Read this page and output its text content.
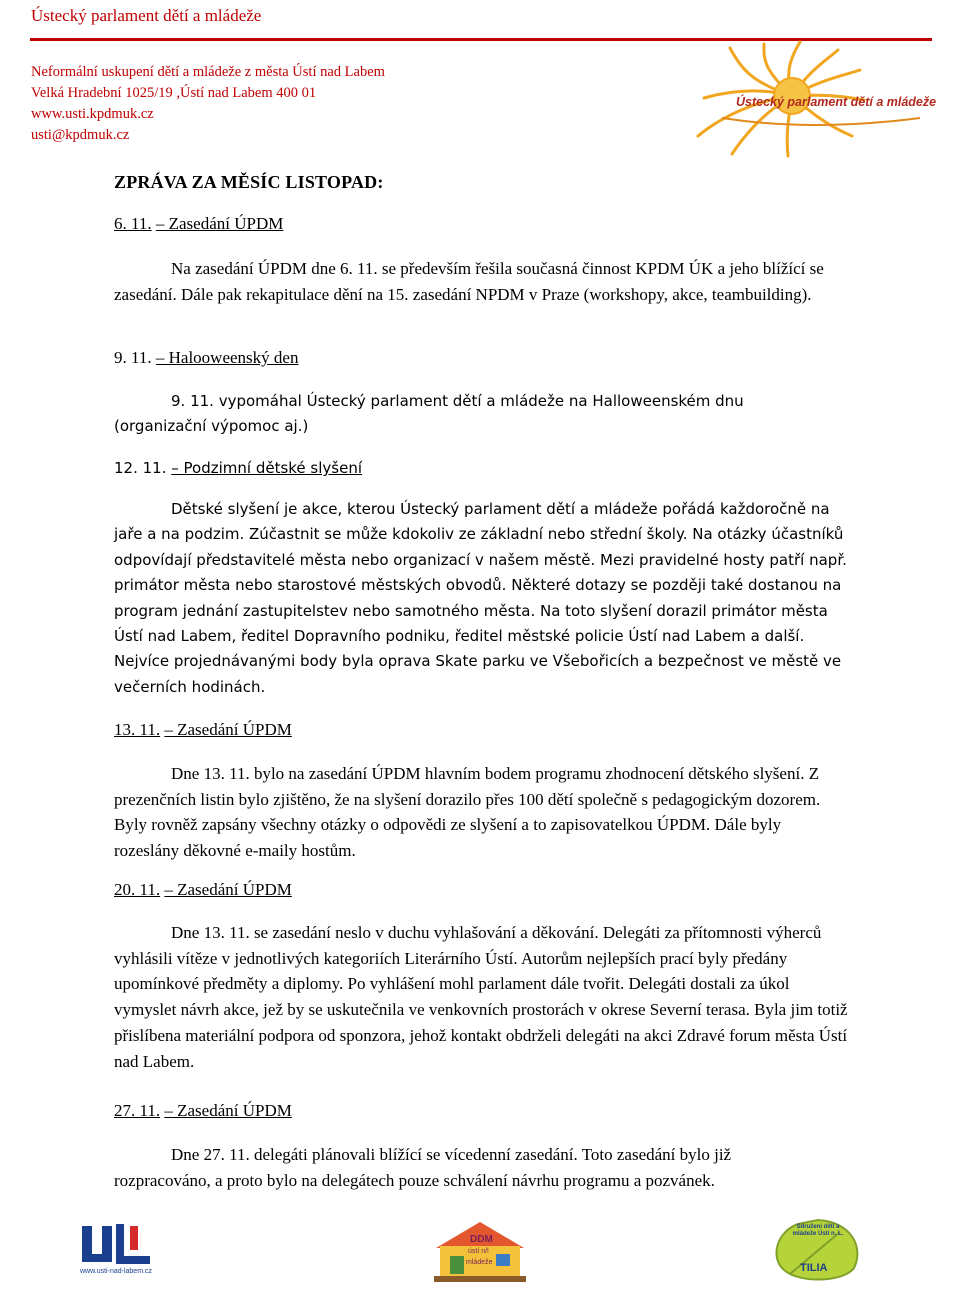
Ústecký parlament dětí a mládeže
Neformální uskupení dětí a mládeže z města Ústí nad Labem
Velká Hradební 1025/19 ,Ústí nad Labem 400 01
www.usti.kpdmuk.cz
usti@kpdmuk.cz
Ústecký parlament dětí a mládeže
ZPRÁVA ZA MĚSÍC LISTOPAD:
6. 11. – Zasedání ÚPDM

Na zasedání ÚPDM dne 6. 11. se především řešila současná činnost KPDM ÚK a jeho blížící se zasedání. Dále pak rekapitulace dění na 15. zasedání NPDM v Praze (workshopy, akce, teambuilding).

9. 11. – Halooweenský den

9. 11. vypomáhal Ústecký parlament dětí a mládeže na Halloweenském dnu (organizační výpomoc aj.)

12. 11. – Podzimní dětské slyšení

Dětské slyšení je akce, kterou Ústecký parlament dětí a mládeže pořádá každoročně na jaře a na podzim. Zúčastnit se může kdokoliv ze základní nebo střední školy. Na otázky účastníků odpovídají představitelé města nebo organizací v našem městě. Mezi pravidelné hosty patří např. primátor města nebo starostové městských obvodů. Některé dotazy se později také dostanou na program jednání zastupitelstev nebo samotného města. Na toto slyšení dorazil primátor města Ústí nad Labem, ředitel Dopravního podniku, ředitel městské policie Ústí nad Labem a další. Nejvíce projednávanými body byla oprava Skate parku ve Všebořicích a bezpečnost ve městě ve večerních hodinách.

13. 11. – Zasedání ÚPDM

Dne 13. 11. bylo na zasedání ÚPDM hlavním bodem programu zhodnocení dětského slyšení. Z prezenčních listin bylo zjištěno, že na slyšení dorazilo přes 100 dětí společně s pedagogickým dozorem. Byly rovněž zapsány všechny otázky o odpovědi ze slyšení a to zapisovatelkou ÚPDM. Dále byly rozeslány děkovné e-maily hostům.

20. 11. – Zasedání ÚPDM

Dne 13. 11. se zasedání neslo v duchu vyhlašování a děkování. Delegáti za přítomnosti výherců vyhlásili vítěze v jednotlivých kategoriích Literárního Ústí. Autorům nejlepších prací byly předány upomínkové předměty a diplomy. Po vyhlášení mohl parlament dále tvořit. Delegáti dostali za úkol vymyslet návrh akce, jež by se uskutečnila ve venkovních prostorách v okrese Severní terasa. Byla jim totiž přislíbena materiální podpora od sponzora, jehož kontakt obdrželi delegáti na akci Zdravé forum města Ústí nad Labem.

27. 11. – Zasedání ÚPDM

Dne 27. 11. delegáti plánovali blížící se vícedenní zasedání. Toto zasedání bylo již rozpracováno, a proto bylo na delegátech pouze schválení návrhu programu a pozvánek.

www.usti-nad-labem.cz
DDM
ústí n/l
mládeže
Sdružení dětí a mládeže Ústí n. L.
TILIA
